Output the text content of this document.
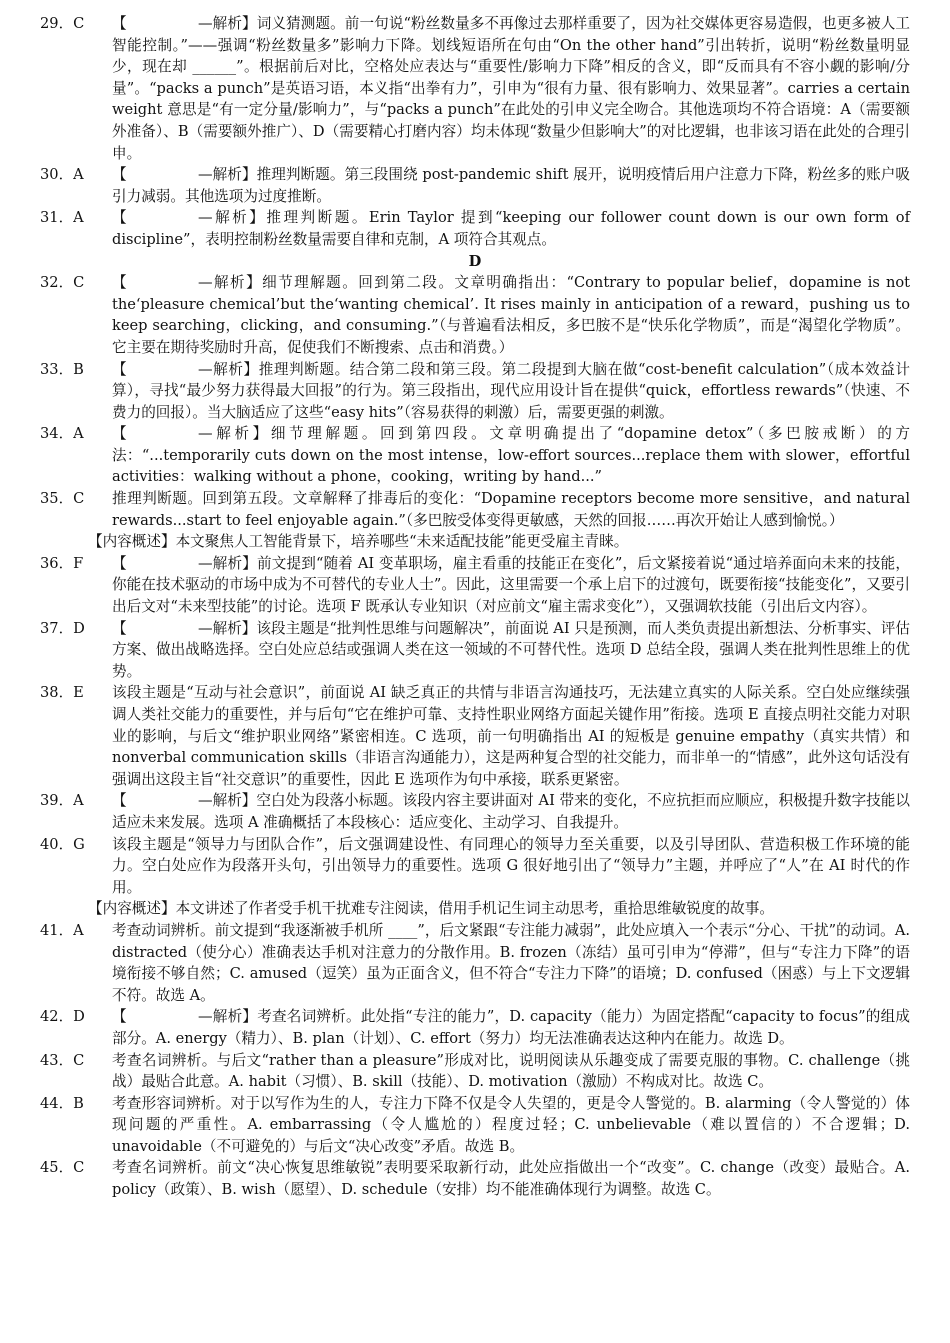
29．C	【	—解析】词义猜测题。前一句说“粉丝数量多不再像过去那样重要了，因为社交媒体更容易造假，也更多被人工智能控制。”——强调“粉丝数量多”影响力下降。划线短语所在句由“On the other hand”引出转折，说明“粉丝数量明显少，现在却 ______”。根据前后对比，空格处应表达与“重要性/影响力下降”相反的含义，即“反而具有不容小觑的影响/分量”。“packs a punch”是英语习语，本义指“出拳有力”，引申为“很有力量、很有影响力、效果显著”。carries a certain weight 意思是“有一定分量/影响力”，与“packs a punch”在此处的引申义完全吻合。其他选项均不符合语境：A（需要额外准备）、B（需要额外推广）、D（需要精心打磨内容）均未体现“数量少但影响大”的对比逻辑，也非该习语在此处的合理引申。
30．A	【	—解析】推理判断题。第三段围绕 post-pandemic shift 展开，说明疫情后用户注意力下降，粉丝多的账户吸引力减弱。其他选项为过度推断。
31．A	【	—解析】推理判断题。Erin Taylor 提到“keeping our follower count down is our own form of discipline”，表明控制粉丝数量需要自律和克制，A 项符合其观点。
D
32．C	【	—解析】细节理解题。回到第二段。文章明确指出：“Contrary to popular belief，dopamine is not the‘pleasure chemical’but the‘wanting chemical’. It rises mainly in anticipation of a reward，pushing us to keep searching，clicking，and consuming.”（与普遍看法相反，多巴胺不是“快乐化学物质”，而是“渴望化学物质”。它主要在期待奖励时升高，促使我们不断搜索、点击和消费。）
33．B	【	—解析】推理判断题。结合第二段和第三段。第二段提到大脑在做“cost-benefit calculation”（成本效益计算），寻找“最少努力获得最大回报”的行为。第三段指出，现代应用设计旨在提供“quick，effortless rewards”（快速、不费力的回报）。当大脑适应了这些“easy hits”（容易获得的刺激）后，需要更强的刺激。
34．A	【	—解析】细节理解题。回到第四段。文章明确提出了“dopamine detox”（多巴胺戒断）的方法：“...temporarily cuts down on the most intense，low-effort sources...replace them with slower，effortful activities：walking without a phone，cooking，writing by hand...”
35．C	推理判断题。回到第五段。文章解释了排毒后的变化：“Dopamine receptors become more sensitive，and natural rewards...start to feel enjoyable again.”（多巴胺受体变得更敏感，天然的回报……再次开始让人感到愉悦。）
【内容概述】本文聚焦人工智能背景下，培养哪些“未来适配技能”能更受雇主青睐。
36．F	【	—解析】前文提到“随着 AI 变革职场，雇主看重的技能正在变化”，后文紧接着说“通过培养面向未来的技能，你能在技术驱动的市场中成为不可替代的专业人士”。因此，这里需要一个承上启下的过渡句，既要衔接“技能变化”，又要引出后文对“未来型技能”的讨论。选项 F 既承认专业知识（对应前文“雇主需求变化”），又强调软技能（引出后文内容）。
37．D	【	—解析】该段主题是“批判性思维与问题解决”，前面说 AI 只是预测，而人类负责提出新想法、分析事实、评估方案、做出战略选择。空白处应总结或强调人类在这一领域的不可替代性。选项 D 总结全段，强调人类在批判性思维上的优势。
38．E	该段主题是“互动与社会意识”，前面说 AI 缺乏真正的共情与非语言沟通技巧，无法建立真实的人际关系。空白处应继续强调人类社交能力的重要性，并与后句“它在维护可靠、支持性职业网络方面起关键作用”衔接。选项 E 直接点明社交能力对职业的影响，与后文“维护职业网络”紧密相连。C 选项，前一句明确指出 AI 的短板是 genuine empathy（真实共情）和 nonverbal communication skills（非语言沟通能力），这是两种复合型的社交能力，而非单一的“情感”，此外这句话没有强调出这段主旨“社交意识”的重要性，因此 E 选项作为句中承接，联系更紧密。
39．A	【	—解析】空白处为段落小标题。该段内容主要讲面对 AI 带来的变化，不应抗拒而应顺应，积极提升数字技能以适应未来发展。选项 A 准确概括了本段核心：适应变化、主动学习、自我提升。
40．G	该段主题是“领导力与团队合作”，后文强调建设性、有同理心的领导力至关重要，以及引导团队、营造积极工作环境的能力。空白处应作为段落开头句，引出领导力的重要性。选项 G 很好地引出了“领导力”主题，并呼应了“人”在 AI 时代的作用。
【内容概述】本文讲述了作者受手机干扰难专注阅读，借用手机记生词主动思考，重拾思维敏锐度的故事。
41．A	考查动词辨析。前文提到“我逐渐被手机所 ____”，后文紧跟“专注能力减弱”，此处应填入一个表示“分心、干扰”的动词。A. distracted（使分心）准确表达手机对注意力的分散作用。B. frozen（冻结）虽可引申为“停滞”，但与“专注力下降”的语境衔接不够自然；C. amused（逗笑）虽为正面含义，但不符合“专注力下降”的语境；D. confused（困惑）与上下文逻辑不符。故选 A。
42．D	【	—解析】考查名词辨析。此处指“专注的能力”，D. capacity（能力）为固定搭配“capacity to focus”的组成部分。A. energy（精力）、B. plan（计划）、C. effort（努力）均无法准确表达这种内在能力。故选 D。
43．C	考查名词辨析。与后文“rather than a pleasure”形成对比，说明阅读从乐趣变成了需要克服的事物。C. challenge（挑战）最贴合此意。A. habit（习惯）、B. skill（技能）、D. motivation（激励）不构成对比。故选 C。
44．B	考查形容词辨析。对于以写作为生的人，专注力下降不仅是令人失望的，更是令人警觉的。B. alarming（令人警觉的）体现问题的严重性。A. embarrassing（令人尴尬的）程度过轻；C. unbelievable（难以置信的）不合逻辑；D. unavoidable（不可避免的）与后文“决心改变”矛盾。故选 B。
45．C	考查名词辨析。前文“决心恢复思维敏锐”表明要采取新行动，此处应指做出一个“改变”。C. change（改变）最贴合。A. policy（政策）、B. wish（愿望）、D. schedule（安排）均不能准确体现行为调整。故选 C。
